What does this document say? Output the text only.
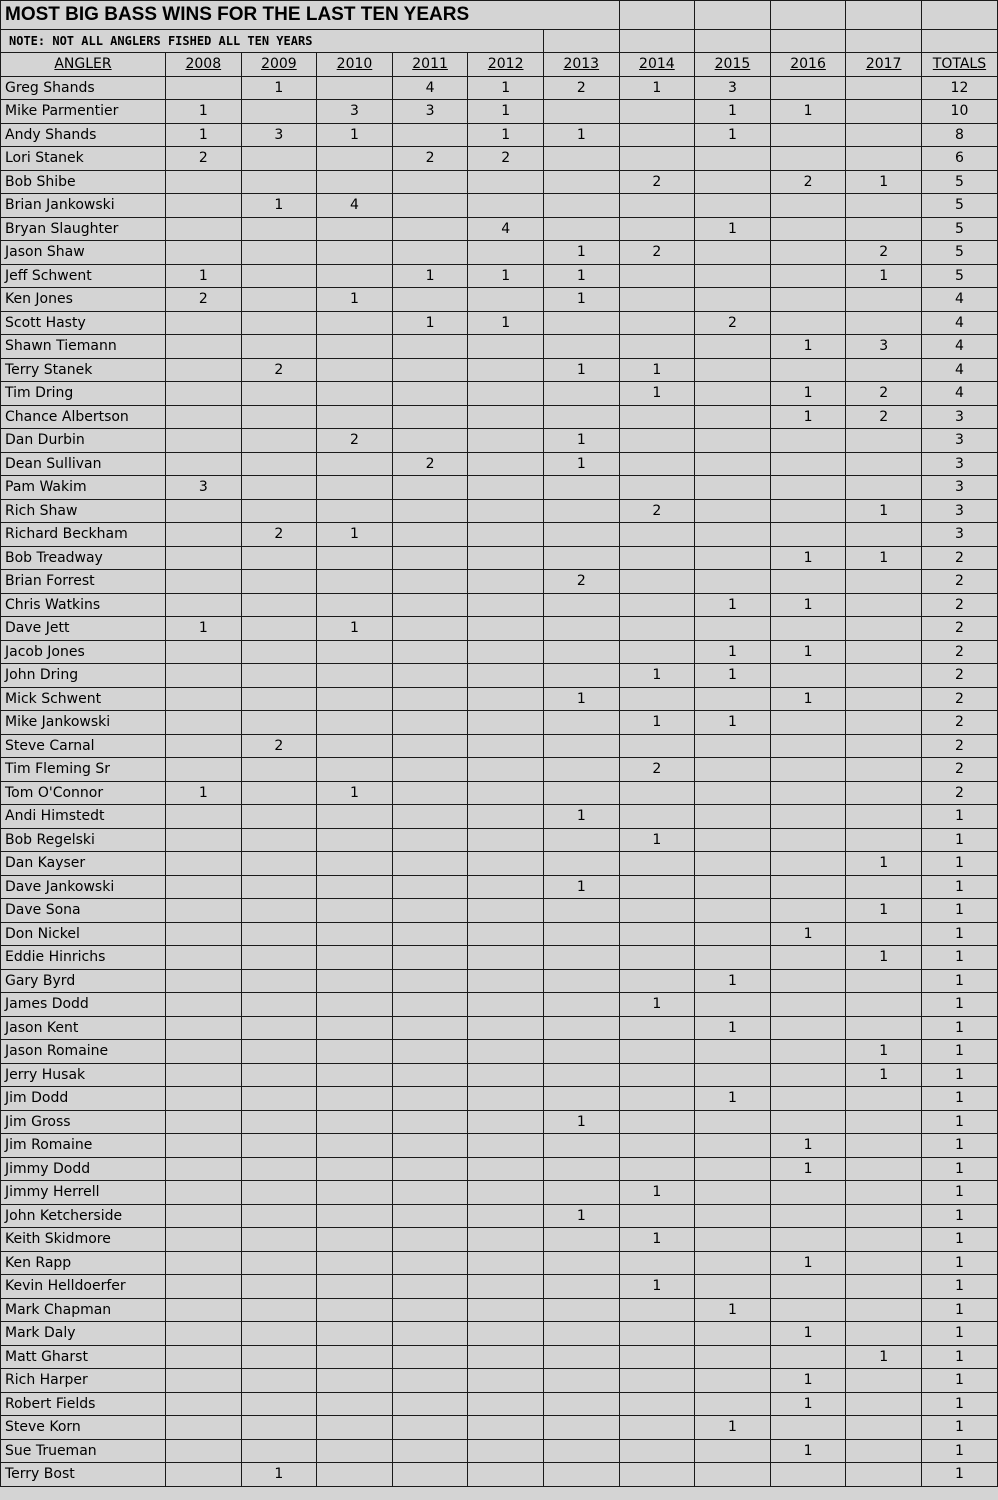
MOST BIG BASS WINS FOR THE LAST TEN YEARS											
NOTE: NOT ALL ANGLERS FISHED ALL TEN YEARS											
ANGLER	2008	2009	2010	2011	2012	2013	2014	2015	2016	2017	TOTALS
Greg Shands		1		4	1	2	1	3			12
Mike Parmentier	1		3	3	1			1	1		10
Andy Shands	1	3	1		1	1		1			8
Lori Stanek	2			2	2						6
Bob Shibe							2		2	1	5
Brian Jankowski		1	4								5
Bryan Slaughter					4			1			5
Jason Shaw						1	2			2	5
Jeff Schwent	1			1	1	1				1	5
Ken Jones	2		1			1					4
Scott Hasty				1	1			2			4
Shawn Tiemann									1	3	4
Terry Stanek		2				1	1				4
Tim Dring							1		1	2	4
Chance Albertson									1	2	3
Dan Durbin			2			1					3
Dean Sullivan				2		1					3
Pam Wakim	3										3
Rich Shaw							2			1	3
Richard Beckham		2	1								3
Bob Treadway									1	1	2
Brian Forrest						2					2
Chris Watkins								1	1		2
Dave Jett	1		1								2
Jacob Jones								1	1		2
John Dring							1	1			2
Mick Schwent						1			1		2
Mike Jankowski							1	1			2
Steve Carnal		2									2
Tim Fleming Sr							2				2
Tom O'Connor	1		1								2
Andi Himstedt						1					1
Bob Regelski							1				1
Dan Kayser										1	1
Dave Jankowski						1					1
Dave Sona										1	1
Don Nickel									1		1
Eddie Hinrichs										1	1
Gary Byrd								1			1
James Dodd							1				1
Jason Kent								1			1
Jason Romaine										1	1
Jerry Husak										1	1
Jim Dodd								1			1
Jim Gross						1					1
Jim Romaine									1		1
Jimmy Dodd									1		1
Jimmy Herrell							1				1
John Ketcherside						1					1
Keith Skidmore							1				1
Ken Rapp									1		1
Kevin Helldoerfer							1				1
Mark Chapman								1			1
Mark Daly									1		1
Matt Gharst										1	1
Rich Harper									1		1
Robert Fields									1		1
Steve Korn								1			1
Sue Trueman									1		1
Terry Bost		1									1
